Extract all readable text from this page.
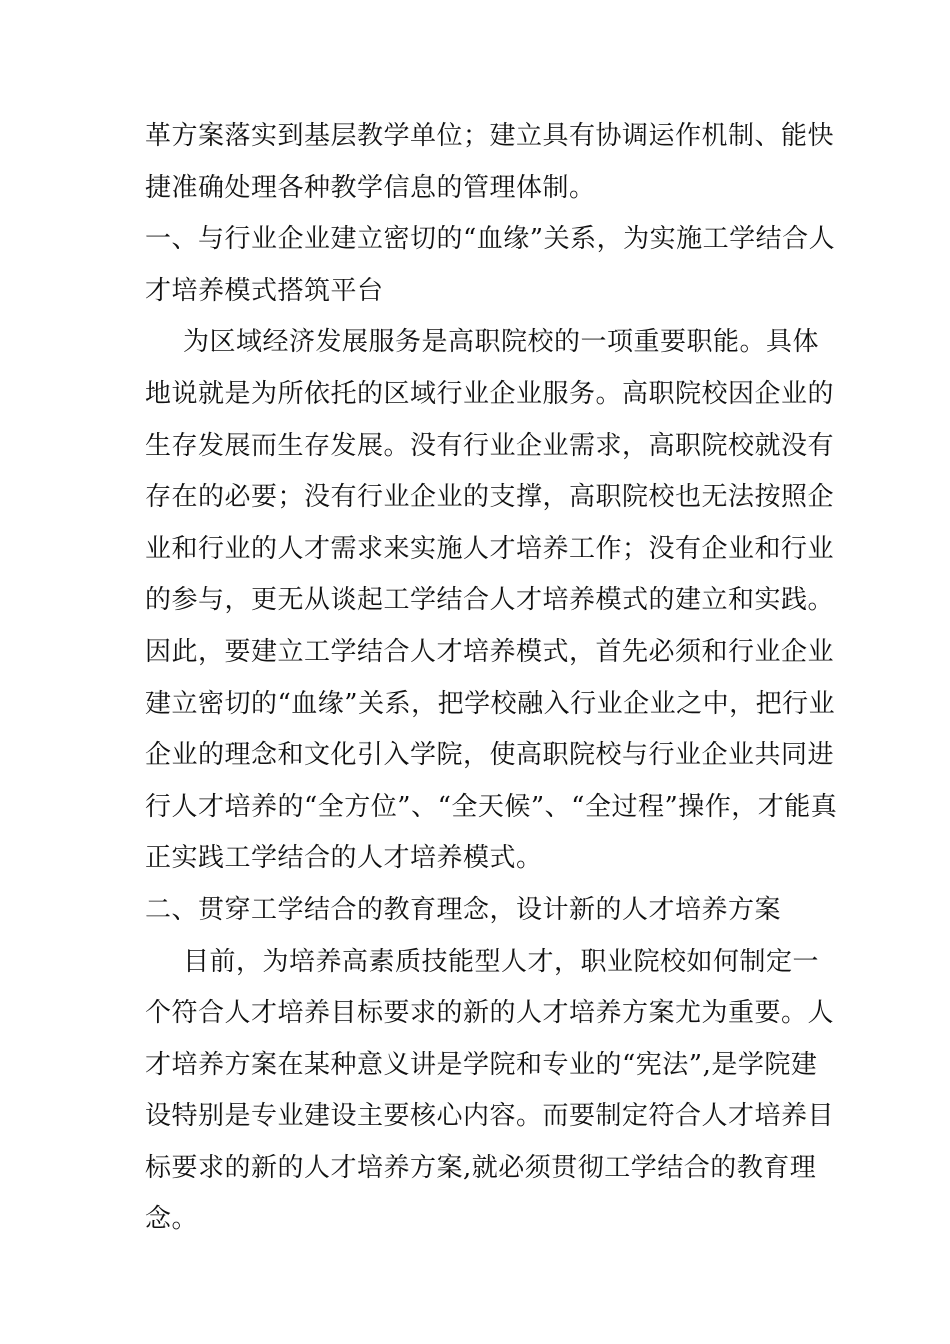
革方案落实到基层教学单位；建立具有协调运作机制、能快
捷准确处理各种教学信息的管理体制。
一、与行业企业建立密切的“血缘”关系，为实施工学结合人
才培养模式搭筑平台
为区域经济发展服务是高职院校的一项重要职能。具体
地说就是为所依托的区域行业企业服务。高职院校因企业的
生存发展而生存发展。没有行业企业需求，高职院校就没有
存在的必要；没有行业企业的支撑，高职院校也无法按照企
业和行业的人才需求来实施人才培养工作；没有企业和行业
的参与，更无从谈起工学结合人才培养模式的建立和实践。
因此，要建立工学结合人才培养模式，首先必须和行业企业
建立密切的“血缘”关系，把学校融入行业企业之中，把行业
企业的理念和文化引入学院，使高职院校与行业企业共同进
行人才培养的“全方位”、“全天候”、“全过程”操作，才能真
正实践工学结合的人才培养模式。
二、贯穿工学结合的教育理念，设计新的人才培养方案
目前，为培养高素质技能型人才，职业院校如何制定一
个符合人才培养目标要求的新的人才培养方案尤为重要。人
才培养方案在某种意义讲是学院和专业的“宪法”,是学院建
设特别是专业建设主要核心内容。而要制定符合人才培养目
标要求的新的人才培养方案,就必须贯彻工学结合的教育理
念。
